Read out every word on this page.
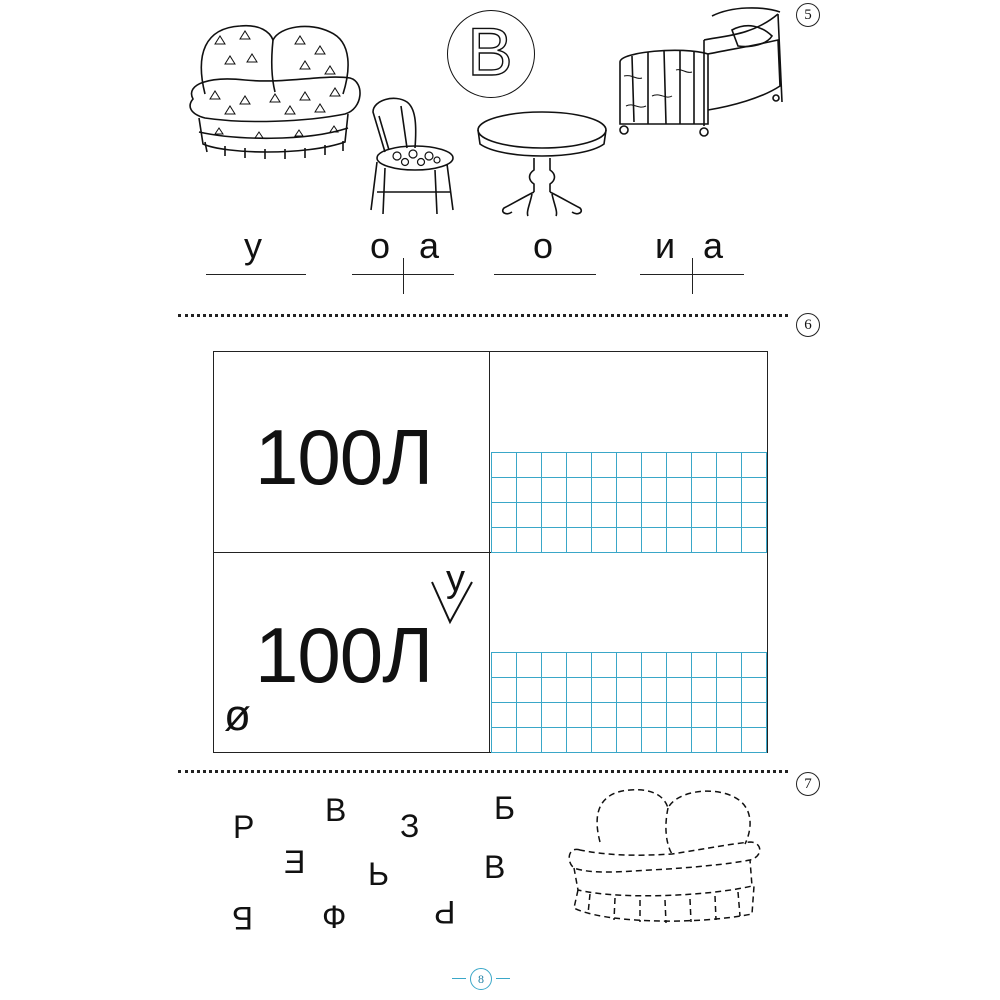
5
В
у	о а	о	и а
6
100Л
100Л
у
ø
7
Р В З Б
Е Ь	В
Б Ф	Р
8
